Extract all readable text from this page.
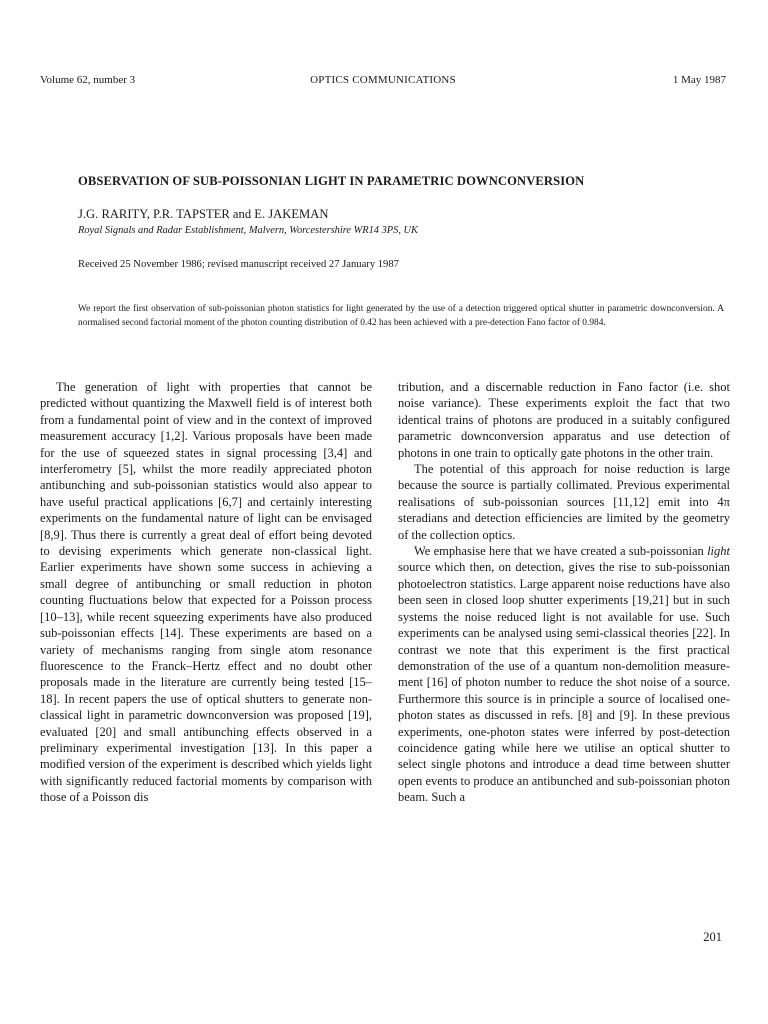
Volume 62, number 3	OPTICS COMMUNICATIONS	1 May 1987
OBSERVATION OF SUB-POISSONIAN LIGHT IN PARAMETRIC DOWNCONVERSION

J.G. RARITY, P.R. TAPSTER and E. JAKEMAN

Royal Signals and Radar Establishment, Malvern, Worcestershire WR14 3PS, UK

Received 25 November 1986; revised manuscript received 27 January 1987

We report the first observation of sub-poissonian photon statistics for light generated by the use of a detection triggered optical shutter in parametric downconversion. A normalised second factorial moment of the photon counting distribution of 0.42 has been achieved with a pre-detection Fano factor of 0.984.

The generation of light with properties that cannot be predicted without quantizing the Maxwell field is of interest both from a fundamental point of view and in the context of improved measurement accuracy [1,2]. Various proposals have been made for the use of squeezed states in signal processing [3,4] and interferometry [5], whilst the more readily appreciated photon antibunching and sub-poissonian statistics would also appear to have useful practical applications [6,7] and certainly interesting experiments on the fundamental nature of light can be envisaged [8,9]. Thus there is currently a great deal of effort being devoted to devising experiments which generate non-classical light. Earlier experiments have shown some success in achieving a small degree of antibunching or small reduction in photon counting fluctuations below that expected for a Poisson process [10–13], while recent squeezing experiments have also produced sub-poissonian effects [14]. These experiments are based on a variety of mechanisms ranging from single atom resonance fluorescence to the Franck–Hertz effect and no doubt other proposals made in the literature are currently being tested [15–18]. In recent papers the use of optical shutters to generate non-classical light in parametric downconversion was proposed [19], evaluated [20] and small antibunching effects observed in a preliminary experimental investigation [13]. In this paper a modified version of the experiment is described which yields light with significantly reduced factorial moments by comparison with those of a Poisson dis

tribution, and a discernable reduction in Fano factor (i.e. shot noise variance). These experiments exploit the fact that two identical trains of photons are produced in a suitably configured parametric downconversion apparatus and use detection of photons in one train to optically gate photons in the other train.

The potential of this approach for noise reduction is large because the source is partially collimated. Previous experimental realisations of sub-poissonian sources [11,12] emit into 4π steradians and detection efficiencies are limited by the geometry of the collection optics.

We emphasise here that we have created a sub-poissonian light source which then, on detection, gives the rise to sub-poissonian photoelectron statistics. Large apparent noise reductions have also been seen in closed loop shutter experiments [19,21] but in such systems the noise reduced light is not available for use. Such experiments can be analysed using semi-classical theories [22]. In contrast we note that this experiment is the first practical demonstration of the use of a quantum non-demolition measurement [16] of photon number to reduce the shot noise of a source. Furthermore this source is in principle a source of localised one-photon states as discussed in refs. [8] and [9]. In these previous experiments, one-photon states were inferred by post-detection coincidence gating while here we utilise an optical shutter to select single photons and introduce a dead time between shutter open events to produce an antibunched and sub-poissonian photon beam. Such a

201
